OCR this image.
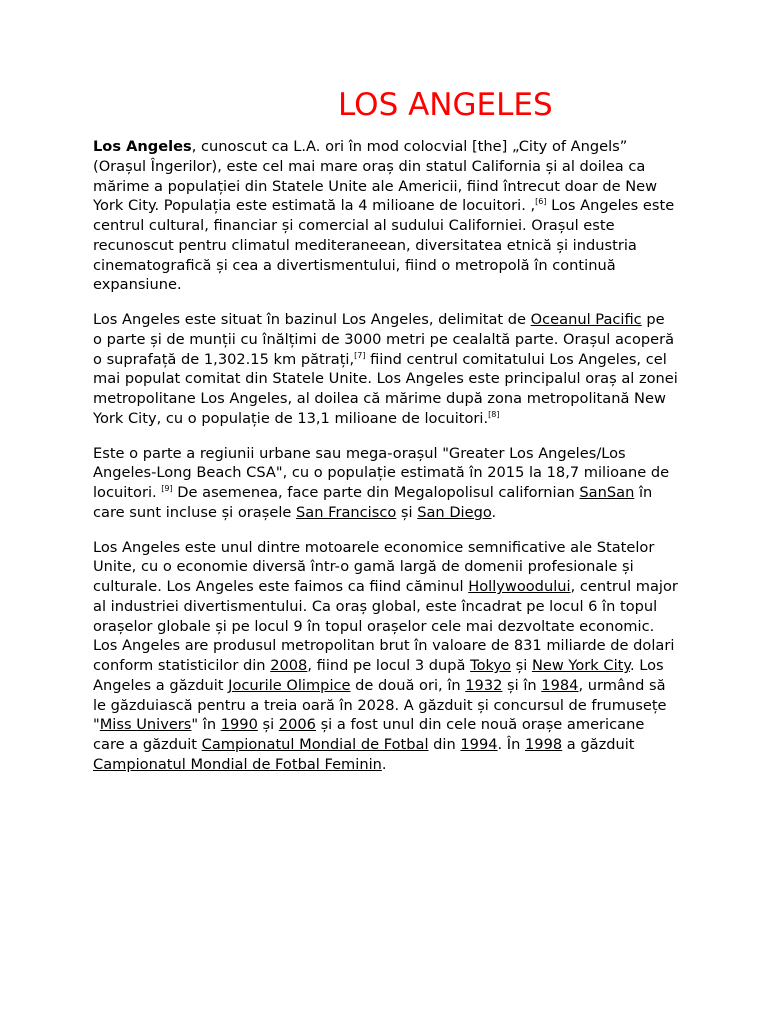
LOS ANGELES

Los Angeles, cunoscut ca L.A. ori în mod colocvial [the] „City of Angels” (Orașul Îngerilor), este cel mai mare oraș din statul California și al doilea ca mărime a populației din Statele Unite ale Americii, fiind întrecut doar de New York City. Populația este estimată la 4 milioane de locuitori. ,[6] Los Angeles este centrul cultural, financiar și comercial al sudului Californiei. Orașul este recunoscut pentru climatul mediteraneean, diversitatea etnică și industria cinematografică și cea a divertismentului, fiind o metropolă în continuă expansiune.

Los Angeles este situat în bazinul Los Angeles, delimitat de Oceanul Pacific pe o parte și de munții cu înălțimi de 3000 metri pe cealaltă parte. Orașul acoperă o suprafață de 1,302.15 km pătrați,[7] fiind centrul comitatului Los Angeles, cel mai populat comitat din Statele Unite. Los Angeles este principalul oraș al zonei metropolitane Los Angeles, al doilea că mărime după zona metropolitană New York City, cu o populație de 13,1 milioane de locuitori.[8]

Este o parte a regiunii urbane sau mega-orașul "Greater Los Angeles/Los Angeles-Long Beach CSA", cu o populație estimată în 2015 la 18,7 milioane de locuitori. [9] De asemenea, face parte din Megalopolisul californian SanSan în care sunt incluse și orașele San Francisco și San Diego.

Los Angeles este unul dintre motoarele economice semnificative ale Statelor Unite, cu o economie diversă într-o gamă largă de domenii profesionale și culturale. Los Angeles este faimos ca fiind căminul Hollywoodului, centrul major al industriei divertismentului. Ca oraș global, este încadrat pe locul 6 în topul orașelor globale și pe locul 9 în topul orașelor cele mai dezvoltate economic. Los Angeles are produsul metropolitan brut în valoare de 831 miliarde de dolari conform statisticilor din 2008, fiind pe locul 3 după Tokyo și New York City. Los Angeles a găzduit Jocurile Olimpice de două ori, în 1932 și în 1984, urmând să le găzduiască pentru a treia oară în 2028. A găzduit și concursul de frumusețe "Miss Univers" în 1990 și 2006 și a fost unul din cele nouă orașe americane care a găzduit Campionatul Mondial de Fotbal din 1994. În 1998 a găzduit Campionatul Mondial de Fotbal Feminin.
